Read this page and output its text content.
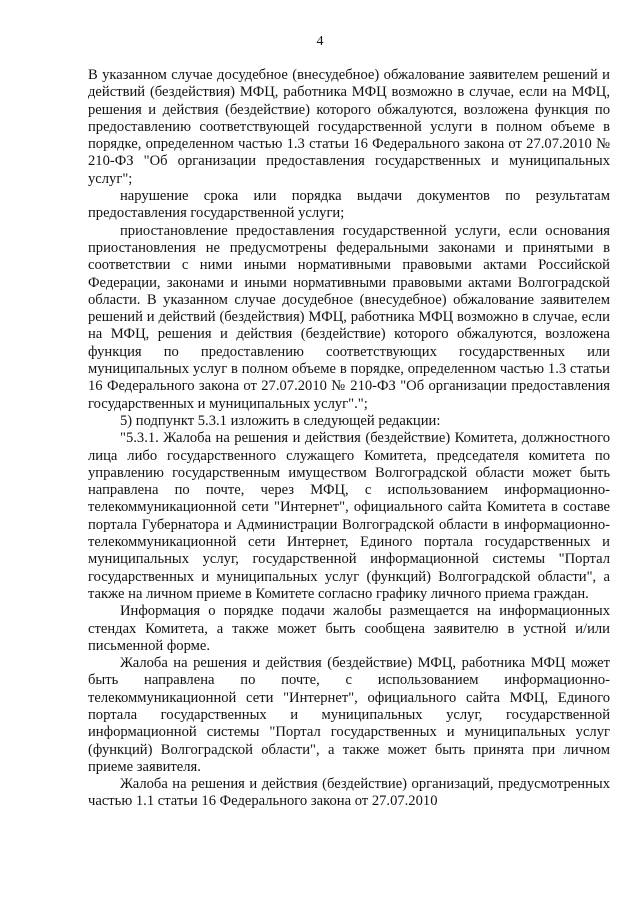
4

В указанном случае досудебное (внесудебное) обжалование заявителем решений и действий (бездействия) МФЦ, работника МФЦ возможно в случае, если на МФЦ, решения и действия (бездействие) которого обжалуются, возложена функция по предоставлению соответствующей государственной услуги в полном объеме в порядке, определенном частью 1.3 статьи 16 Федерального закона от 27.07.2010 № 210-ФЗ "Об организации предоставления государственных и муниципальных услуг";

нарушение срока или порядка выдачи документов по результатам предоставления государственной услуги;

приостановление предоставления государственной услуги, если основания приостановления не предусмотрены федеральными законами и принятыми в соответствии с ними иными нормативными правовыми актами Российской Федерации, законами и иными нормативными правовыми актами Волгоградской области. В указанном случае досудебное (внесудебное) обжалование заявителем решений и действий (бездействия) МФЦ, работника МФЦ возможно в случае, если на МФЦ, решения и действия (бездействие) которого обжалуются, возложена функция по предоставлению соответствующих государственных или муниципальных услуг в полном объеме в порядке, определенном частью 1.3 статьи 16 Федерального закона от 27.07.2010 № 210-ФЗ "Об организации предоставления государственных и муниципальных услуг".";

5) подпункт 5.3.1 изложить в следующей редакции:

"5.3.1. Жалоба на решения и действия (бездействие) Комитета, должностного лица либо государственного служащего Комитета, председателя комитета по управлению государственным имуществом Волгоградской области может быть направлена по почте, через МФЦ, с использованием информационно-телекоммуникационной сети "Интернет", официального сайта Комитета в составе портала Губернатора и Администрации Волгоградской области в информационно-телекоммуникационной сети Интернет, Единого портала государственных и муниципальных услуг, государственной информационной системы "Портал государственных и муниципальных услуг (функций) Волгоградской области", а также на личном приеме в Комитете согласно графику личного приема граждан.

Информация о порядке подачи жалобы размещается на информационных стендах Комитета, а также может быть сообщена заявителю в устной и/или письменной форме.

Жалоба на решения и действия (бездействие) МФЦ, работника МФЦ может быть направлена по почте, с использованием информационно-телекоммуникационной сети "Интернет", официального сайта МФЦ, Единого портала государственных и муниципальных услуг, государственной информационной системы "Портал государственных и муниципальных услуг (функций) Волгоградской области", а также может быть принята при личном приеме заявителя.

Жалоба на решения и действия (бездействие) организаций, предусмотренных частью 1.1 статьи 16 Федерального закона от 27.07.2010
